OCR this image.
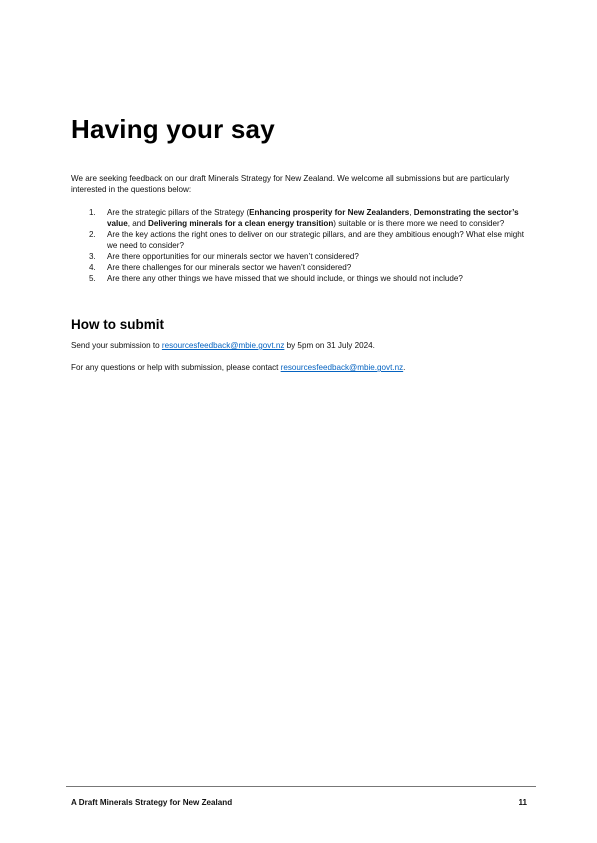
Having your say

We are seeking feedback on our draft Minerals Strategy for New Zealand. We welcome all submissions but are particularly interested in the questions below:

1. Are the strategic pillars of the Strategy (Enhancing prosperity for New Zealanders, Demonstrating the sector’s value, and Delivering minerals for a clean energy transition) suitable or is there more we need to consider?
2. Are the key actions the right ones to deliver on our strategic pillars, and are they ambitious enough? What else might we need to consider?
3. Are there opportunities for our minerals sector we haven’t considered?
4. Are there challenges for our minerals sector we haven’t considered?
5. Are there any other things we have missed that we should include, or things we should not include?
How to submit

Send your submission to resourcesfeedback@mbie.govt.nz by 5pm on 31 July 2024.

For any questions or help with submission, please contact resourcesfeedback@mbie.govt.nz.

A Draft Minerals Strategy for New Zealand	11
